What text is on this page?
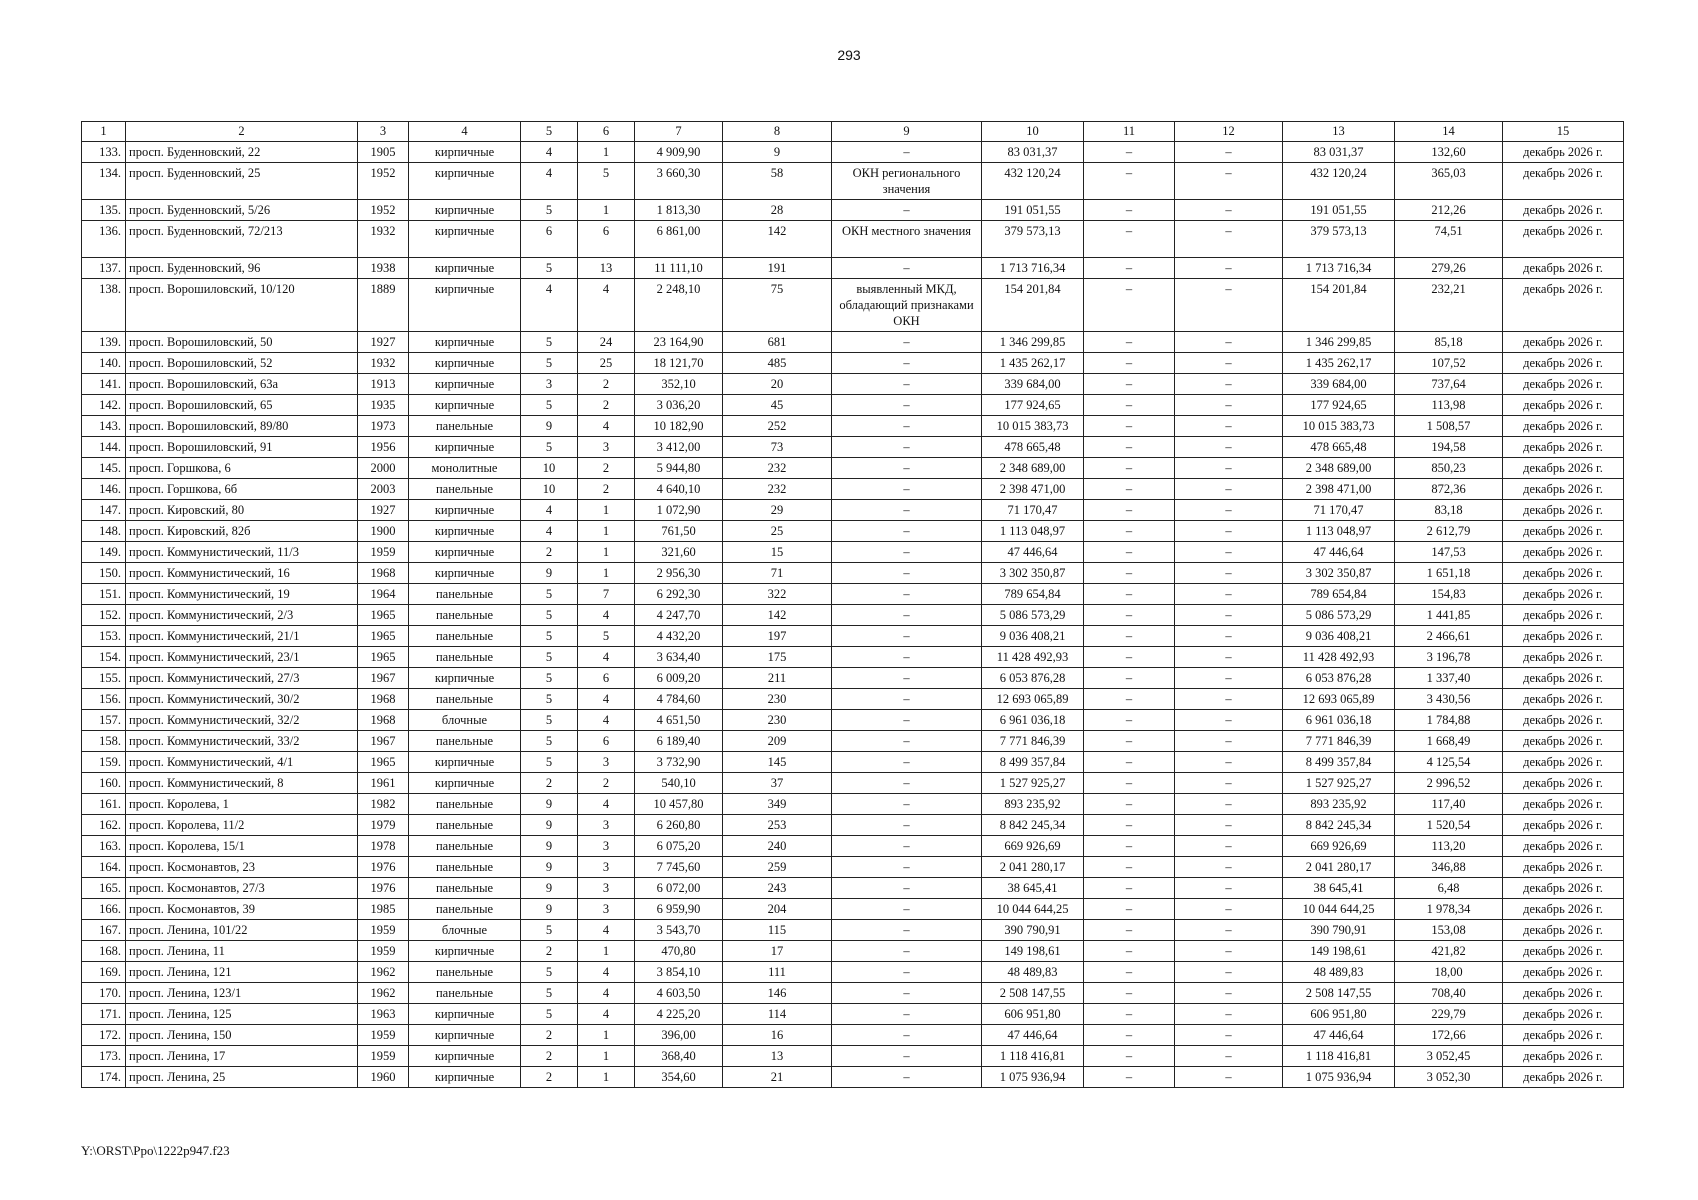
293
1	2	3	4	5	6	7	8	9	10	11	12	13	14	15
133.	просп. Буденновский, 22	1905	кирпичные	4	1	4 909,90	9	–	83 031,37	–	–	83 031,37	132,60	декабрь 2026 г.
134.	просп. Буденновский, 25	1952	кирпичные	4	5	3 660,30	58	ОКН регионального значения	432 120,24	–	–	432 120,24	365,03	декабрь 2026 г.
135.	просп. Буденновский, 5/26	1952	кирпичные	5	1	1 813,30	28	–	191 051,55	–	–	191 051,55	212,26	декабрь 2026 г.
136.	просп. Буденновский, 72/213	1932	кирпичные	6	6	6 861,00	142	ОКН местного значения	379 573,13	–	–	379 573,13	74,51	декабрь 2026 г.
137.	просп. Буденновский, 96	1938	кирпичные	5	13	11 111,10	191	–	1 713 716,34	–	–	1 713 716,34	279,26	декабрь 2026 г.
138.	просп. Ворошиловский, 10/120	1889	кирпичные	4	4	2 248,10	75	выявленный МКД, обладающий признаками ОКН	154 201,84	–	–	154 201,84	232,21	декабрь 2026 г.
139.	просп. Ворошиловский, 50	1927	кирпичные	5	24	23 164,90	681	–	1 346 299,85	–	–	1 346 299,85	85,18	декабрь 2026 г.
140.	просп. Ворошиловский, 52	1932	кирпичные	5	25	18 121,70	485	–	1 435 262,17	–	–	1 435 262,17	107,52	декабрь 2026 г.
141.	просп. Ворошиловский, 63а	1913	кирпичные	3	2	352,10	20	–	339 684,00	–	–	339 684,00	737,64	декабрь 2026 г.
142.	просп. Ворошиловский, 65	1935	кирпичные	5	2	3 036,20	45	–	177 924,65	–	–	177 924,65	113,98	декабрь 2026 г.
143.	просп. Ворошиловский, 89/80	1973	панельные	9	4	10 182,90	252	–	10 015 383,73	–	–	10 015 383,73	1 508,57	декабрь 2026 г.
144.	просп. Ворошиловский, 91	1956	кирпичные	5	3	3 412,00	73	–	478 665,48	–	–	478 665,48	194,58	декабрь 2026 г.
145.	просп. Горшкова, 6	2000	монолитные	10	2	5 944,80	232	–	2 348 689,00	–	–	2 348 689,00	850,23	декабрь 2026 г.
146.	просп. Горшкова, 6б	2003	панельные	10	2	4 640,10	232	–	2 398 471,00	–	–	2 398 471,00	872,36	декабрь 2026 г.
147.	просп. Кировский, 80	1927	кирпичные	4	1	1 072,90	29	–	71 170,47	–	–	71 170,47	83,18	декабрь 2026 г.
148.	просп. Кировский, 82б	1900	кирпичные	4	1	761,50	25	–	1 113 048,97	–	–	1 113 048,97	2 612,79	декабрь 2026 г.
149.	просп. Коммунистический, 11/3	1959	кирпичные	2	1	321,60	15	–	47 446,64	–	–	47 446,64	147,53	декабрь 2026 г.
150.	просп. Коммунистический, 16	1968	кирпичные	9	1	2 956,30	71	–	3 302 350,87	–	–	3 302 350,87	1 651,18	декабрь 2026 г.
151.	просп. Коммунистический, 19	1964	панельные	5	7	6 292,30	322	–	789 654,84	–	–	789 654,84	154,83	декабрь 2026 г.
152.	просп. Коммунистический, 2/3	1965	панельные	5	4	4 247,70	142	–	5 086 573,29	–	–	5 086 573,29	1 441,85	декабрь 2026 г.
153.	просп. Коммунистический, 21/1	1965	панельные	5	5	4 432,20	197	–	9 036 408,21	–	–	9 036 408,21	2 466,61	декабрь 2026 г.
154.	просп. Коммунистический, 23/1	1965	панельные	5	4	3 634,40	175	–	11 428 492,93	–	–	11 428 492,93	3 196,78	декабрь 2026 г.
155.	просп. Коммунистический, 27/3	1967	кирпичные	5	6	6 009,20	211	–	6 053 876,28	–	–	6 053 876,28	1 337,40	декабрь 2026 г.
156.	просп. Коммунистический, 30/2	1968	панельные	5	4	4 784,60	230	–	12 693 065,89	–	–	12 693 065,89	3 430,56	декабрь 2026 г.
157.	просп. Коммунистический, 32/2	1968	блочные	5	4	4 651,50	230	–	6 961 036,18	–	–	6 961 036,18	1 784,88	декабрь 2026 г.
158.	просп. Коммунистический, 33/2	1967	панельные	5	6	6 189,40	209	–	7 771 846,39	–	–	7 771 846,39	1 668,49	декабрь 2026 г.
159.	просп. Коммунистический, 4/1	1965	кирпичные	5	3	3 732,90	145	–	8 499 357,84	–	–	8 499 357,84	4 125,54	декабрь 2026 г.
160.	просп. Коммунистический, 8	1961	кирпичные	2	2	540,10	37	–	1 527 925,27	–	–	1 527 925,27	2 996,52	декабрь 2026 г.
161.	просп. Королева, 1	1982	панельные	9	4	10 457,80	349	–	893 235,92	–	–	893 235,92	117,40	декабрь 2026 г.
162.	просп. Королева, 11/2	1979	панельные	9	3	6 260,80	253	–	8 842 245,34	–	–	8 842 245,34	1 520,54	декабрь 2026 г.
163.	просп. Королева, 15/1	1978	панельные	9	3	6 075,20	240	–	669 926,69	–	–	669 926,69	113,20	декабрь 2026 г.
164.	просп. Космонавтов, 23	1976	панельные	9	3	7 745,60	259	–	2 041 280,17	–	–	2 041 280,17	346,88	декабрь 2026 г.
165.	просп. Космонавтов, 27/3	1976	панельные	9	3	6 072,00	243	–	38 645,41	–	–	38 645,41	6,48	декабрь 2026 г.
166.	просп. Космонавтов, 39	1985	панельные	9	3	6 959,90	204	–	10 044 644,25	–	–	10 044 644,25	1 978,34	декабрь 2026 г.
167.	просп. Ленина, 101/22	1959	блочные	5	4	3 543,70	115	–	390 790,91	–	–	390 790,91	153,08	декабрь 2026 г.
168.	просп. Ленина, 11	1959	кирпичные	2	1	470,80	17	–	149 198,61	–	–	149 198,61	421,82	декабрь 2026 г.
169.	просп. Ленина, 121	1962	панельные	5	4	3 854,10	111	–	48 489,83	–	–	48 489,83	18,00	декабрь 2026 г.
170.	просп. Ленина, 123/1	1962	панельные	5	4	4 603,50	146	–	2 508 147,55	–	–	2 508 147,55	708,40	декабрь 2026 г.
171.	просп. Ленина, 125	1963	кирпичные	5	4	4 225,20	114	–	606 951,80	–	–	606 951,80	229,79	декабрь 2026 г.
172.	просп. Ленина, 150	1959	кирпичные	2	1	396,00	16	–	47 446,64	–	–	47 446,64	172,66	декабрь 2026 г.
173.	просп. Ленина, 17	1959	кирпичные	2	1	368,40	13	–	1 118 416,81	–	–	1 118 416,81	3 052,45	декабрь 2026 г.
174.	просп. Ленина, 25	1960	кирпичные	2	1	354,60	21	–	1 075 936,94	–	–	1 075 936,94	3 052,30	декабрь 2026 г.
Y:\ORST\Ppo\1222p947.f23
